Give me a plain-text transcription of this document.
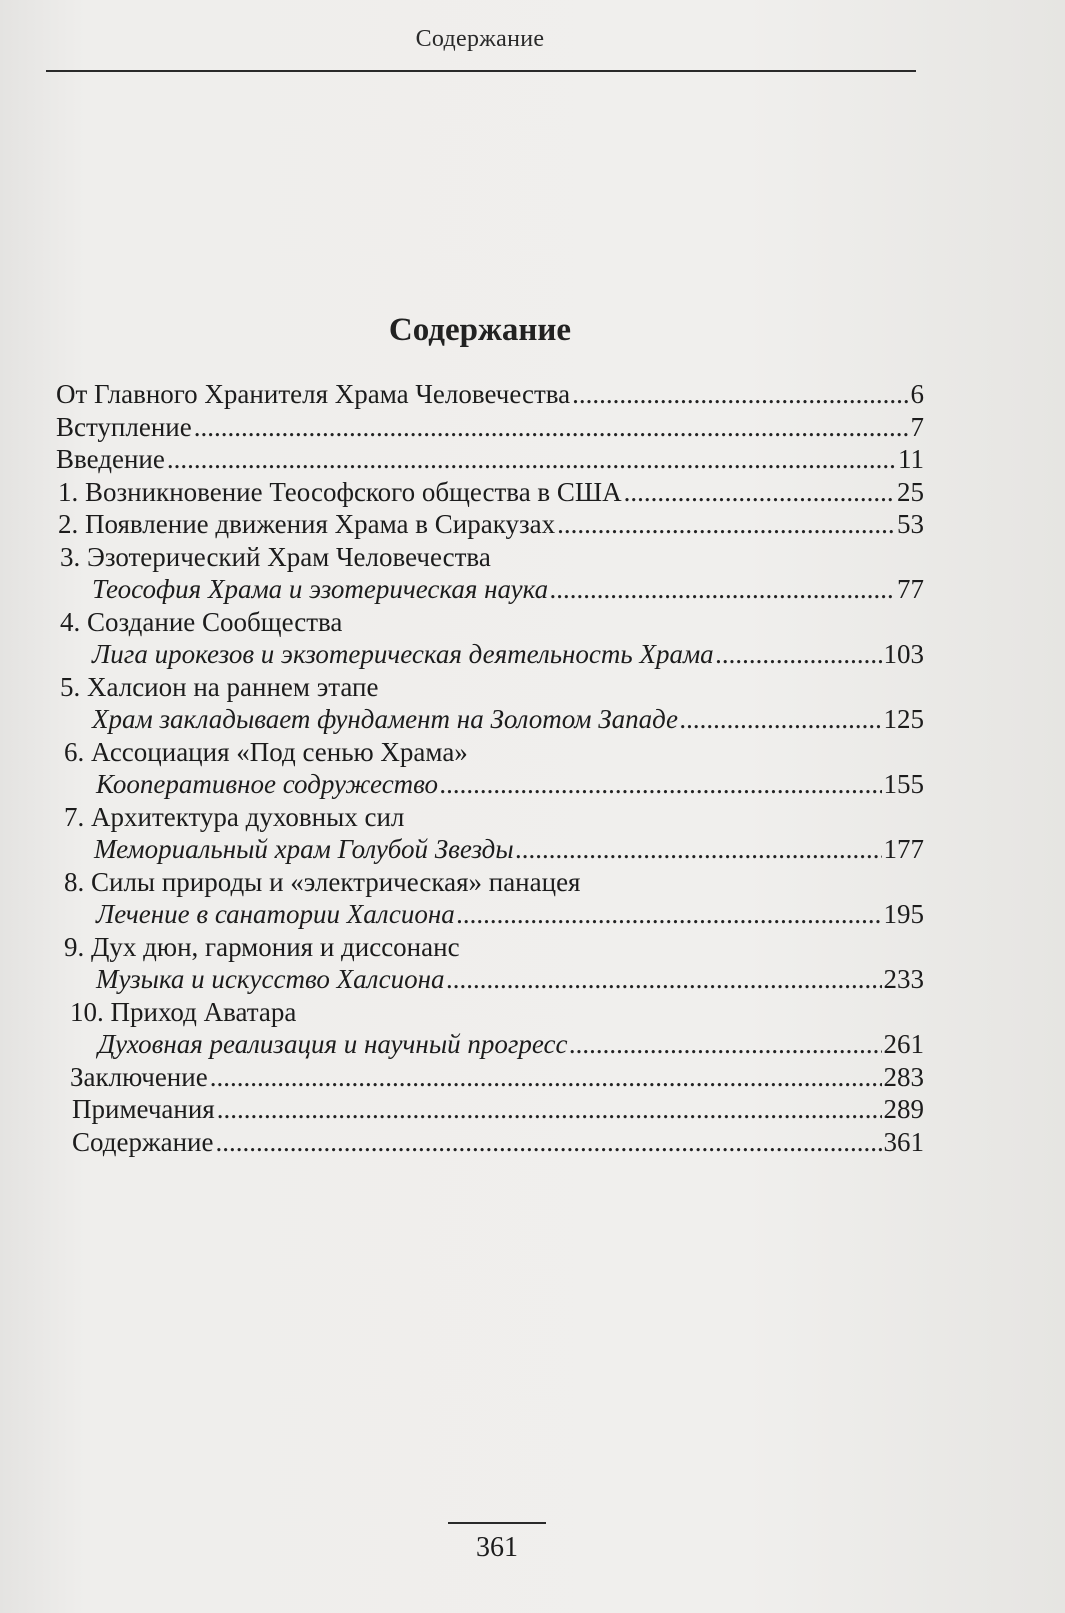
Содержание
Содержание
От Главного Хранителя Храма Человечества .....	6
Вступление .....	7
Введение .....	11
1. Возникновение Теософского общества в США .....	25
2. Появление движения Храма в Сиракузах .....	53
3. Эзотерический Храм Человечества
Теософия Храма и эзотерическая наука .....	77
4. Создание Сообщества
Лига ирокезов и экзотерическая деятельность Храма .....	103
5. Халсион на раннем этапе
Храм закладывает фундамент на Золотом Западе .....	125
6. Ассоциация «Под сенью Храма»
Кооперативное содружество .....	155
7. Архитектура духовных сил
Мемориальный храм Голубой Звезды .....	177
8. Силы природы и «электрическая» панацея
Лечение в санатории Халсиона .....	195
9. Дух дюн, гармония и диссонанс
Музыка и искусство Халсиона .....	233
10. Приход Аватара
Духовная реализация и научный прогресс .....	261
Заключение .....	283
Примечания .....	289
Содержание .....	361
361
